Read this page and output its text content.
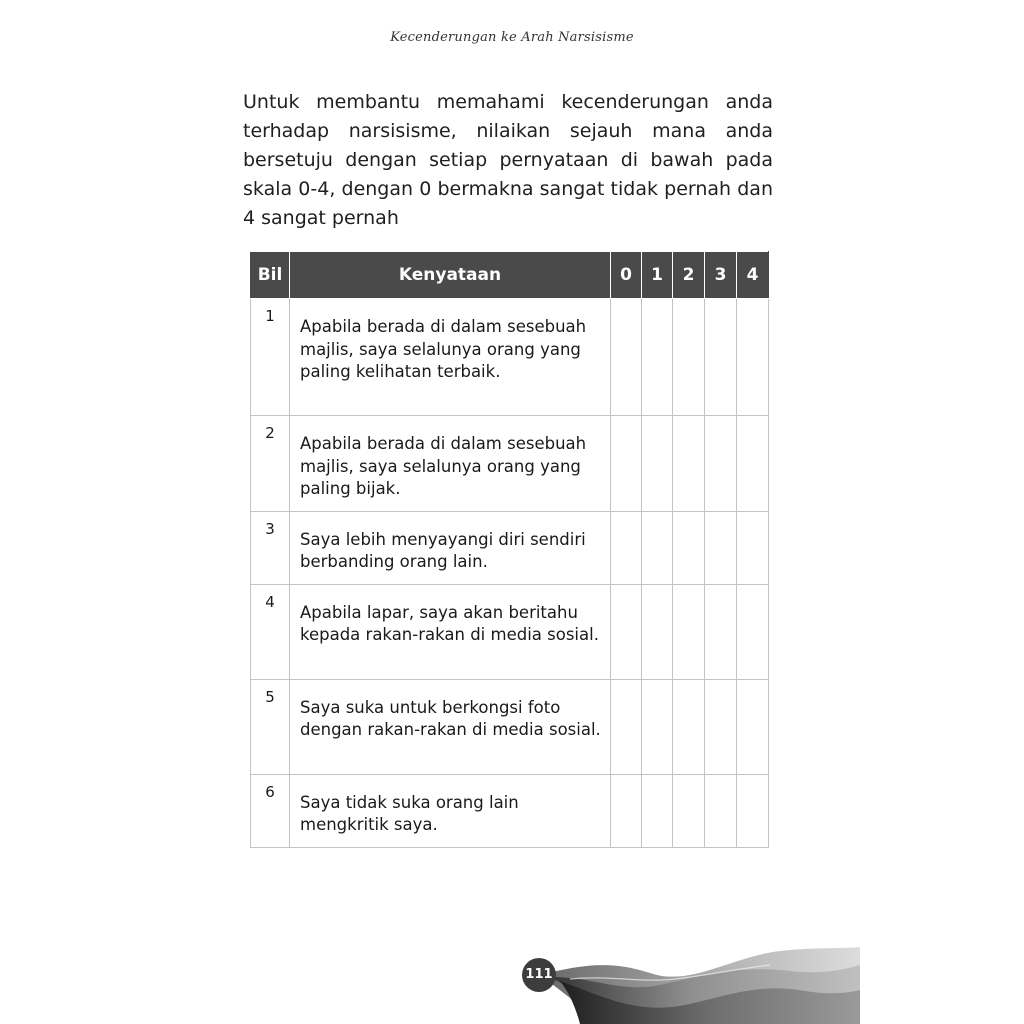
Kecenderungan ke Arah Narsisisme

Untuk membantu memahami kecenderungan anda terhadap narsisisme, nilaikan sejauh mana anda bersetuju dengan setiap pernyataan di bawah pada skala 0-4, dengan 0 bermakna sangat tidak pernah dan 4 sangat pernah

Bil	Kenyataan	0	1	2	3	4
1	Apabila berada di dalam sesebuah majlis, saya selalunya orang yang paling kelihatan terbaik.					
2	Apabila berada di dalam sesebuah majlis, saya selalunya orang yang paling bijak.					
3	Saya lebih menyayangi diri sendiri berbanding orang lain.					
4	Apabila lapar, saya akan beritahu kepada rakan-rakan di media sosial.					
5	Saya suka untuk berkongsi foto dengan rakan-rakan di media sosial.					
6	Saya tidak suka orang lain mengkritik saya.					
111
